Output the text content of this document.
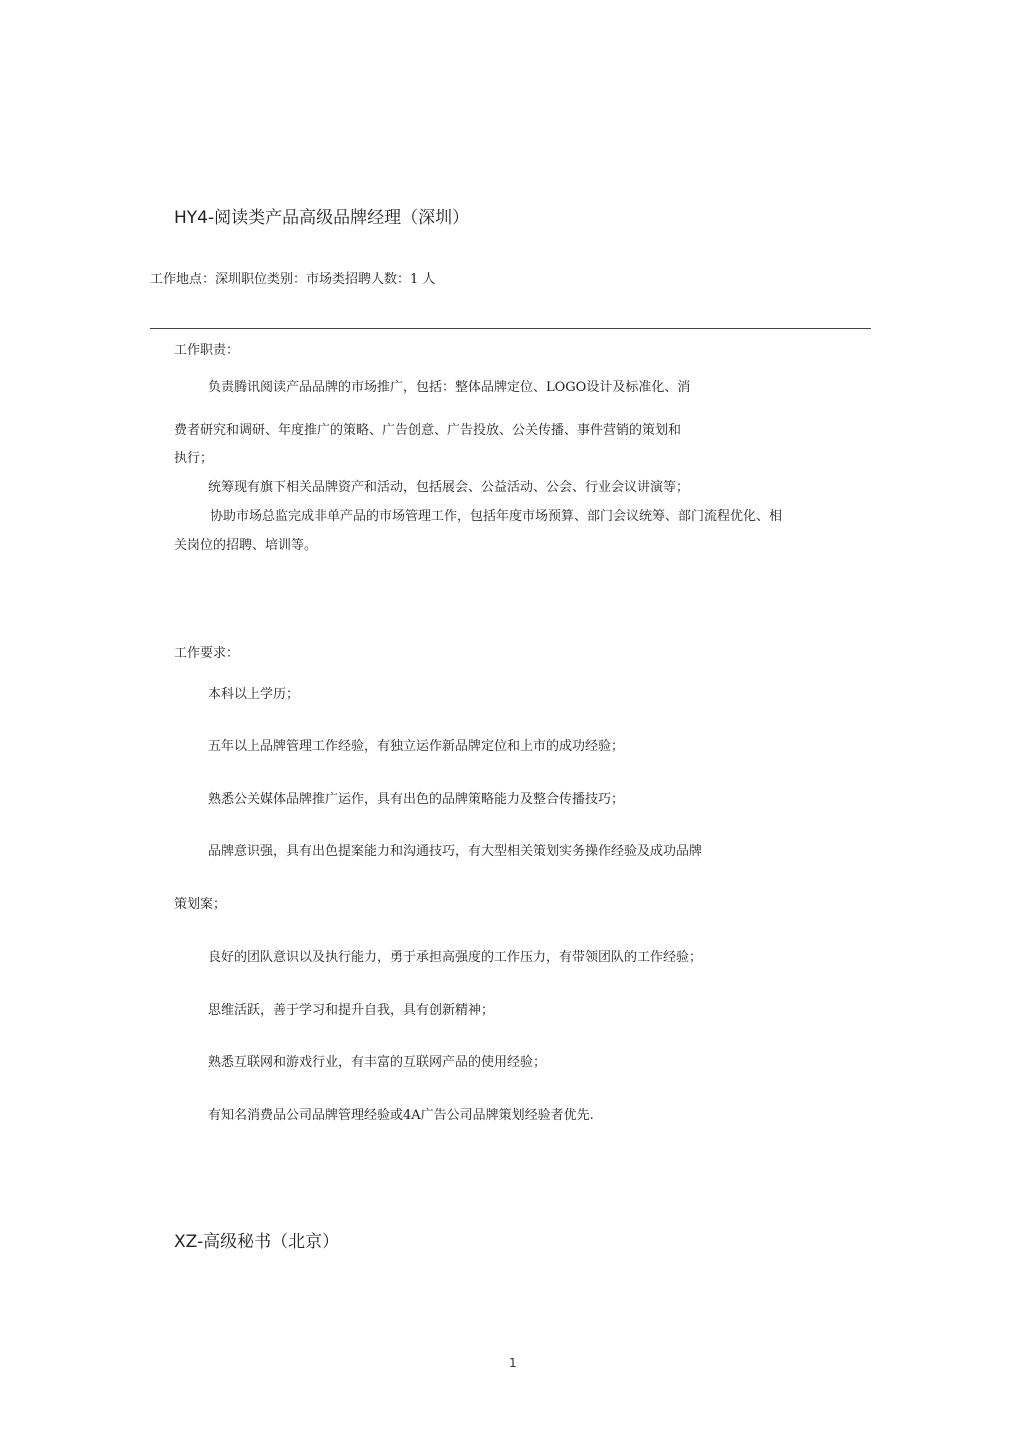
HY4-阅读类产品高级品牌经理（深圳）
工作地点：深圳职位类别：市场类招聘人数：1 人
工作职责：
负责腾讯阅读产品品牌的市场推广，包括：整体品牌定位、LOGO设计及标准化、消
费者研究和调研、年度推广的策略、广告创意、广告投放、公关传播、事件营销的策划和
执行；
统筹现有旗下相关品牌资产和活动，包括展会、公益活动、公会、行业会议讲演等；
协助市场总监完成非单产品的市场管理工作，包括年度市场预算、部门会议统筹、部门流程优化、相
关岗位的招聘、培训等。
工作要求：
本科以上学历；
五年以上品牌管理工作经验，有独立运作新品牌定位和上市的成功经验；
熟悉公关媒体品牌推广运作，具有出色的品牌策略能力及整合传播技巧；
品牌意识强，具有出色提案能力和沟通技巧，有大型相关策划实务操作经验及成功品牌
策划案；
良好的团队意识以及执行能力，勇于承担高强度的工作压力，有带领团队的工作经验；
思维活跃，善于学习和提升自我，具有创新精神；
熟悉互联网和游戏行业，有丰富的互联网产品的使用经验；
有知名消费品公司品牌管理经验或4A广告公司品牌策划经验者优先.
XZ-高级秘书（北京）
1
